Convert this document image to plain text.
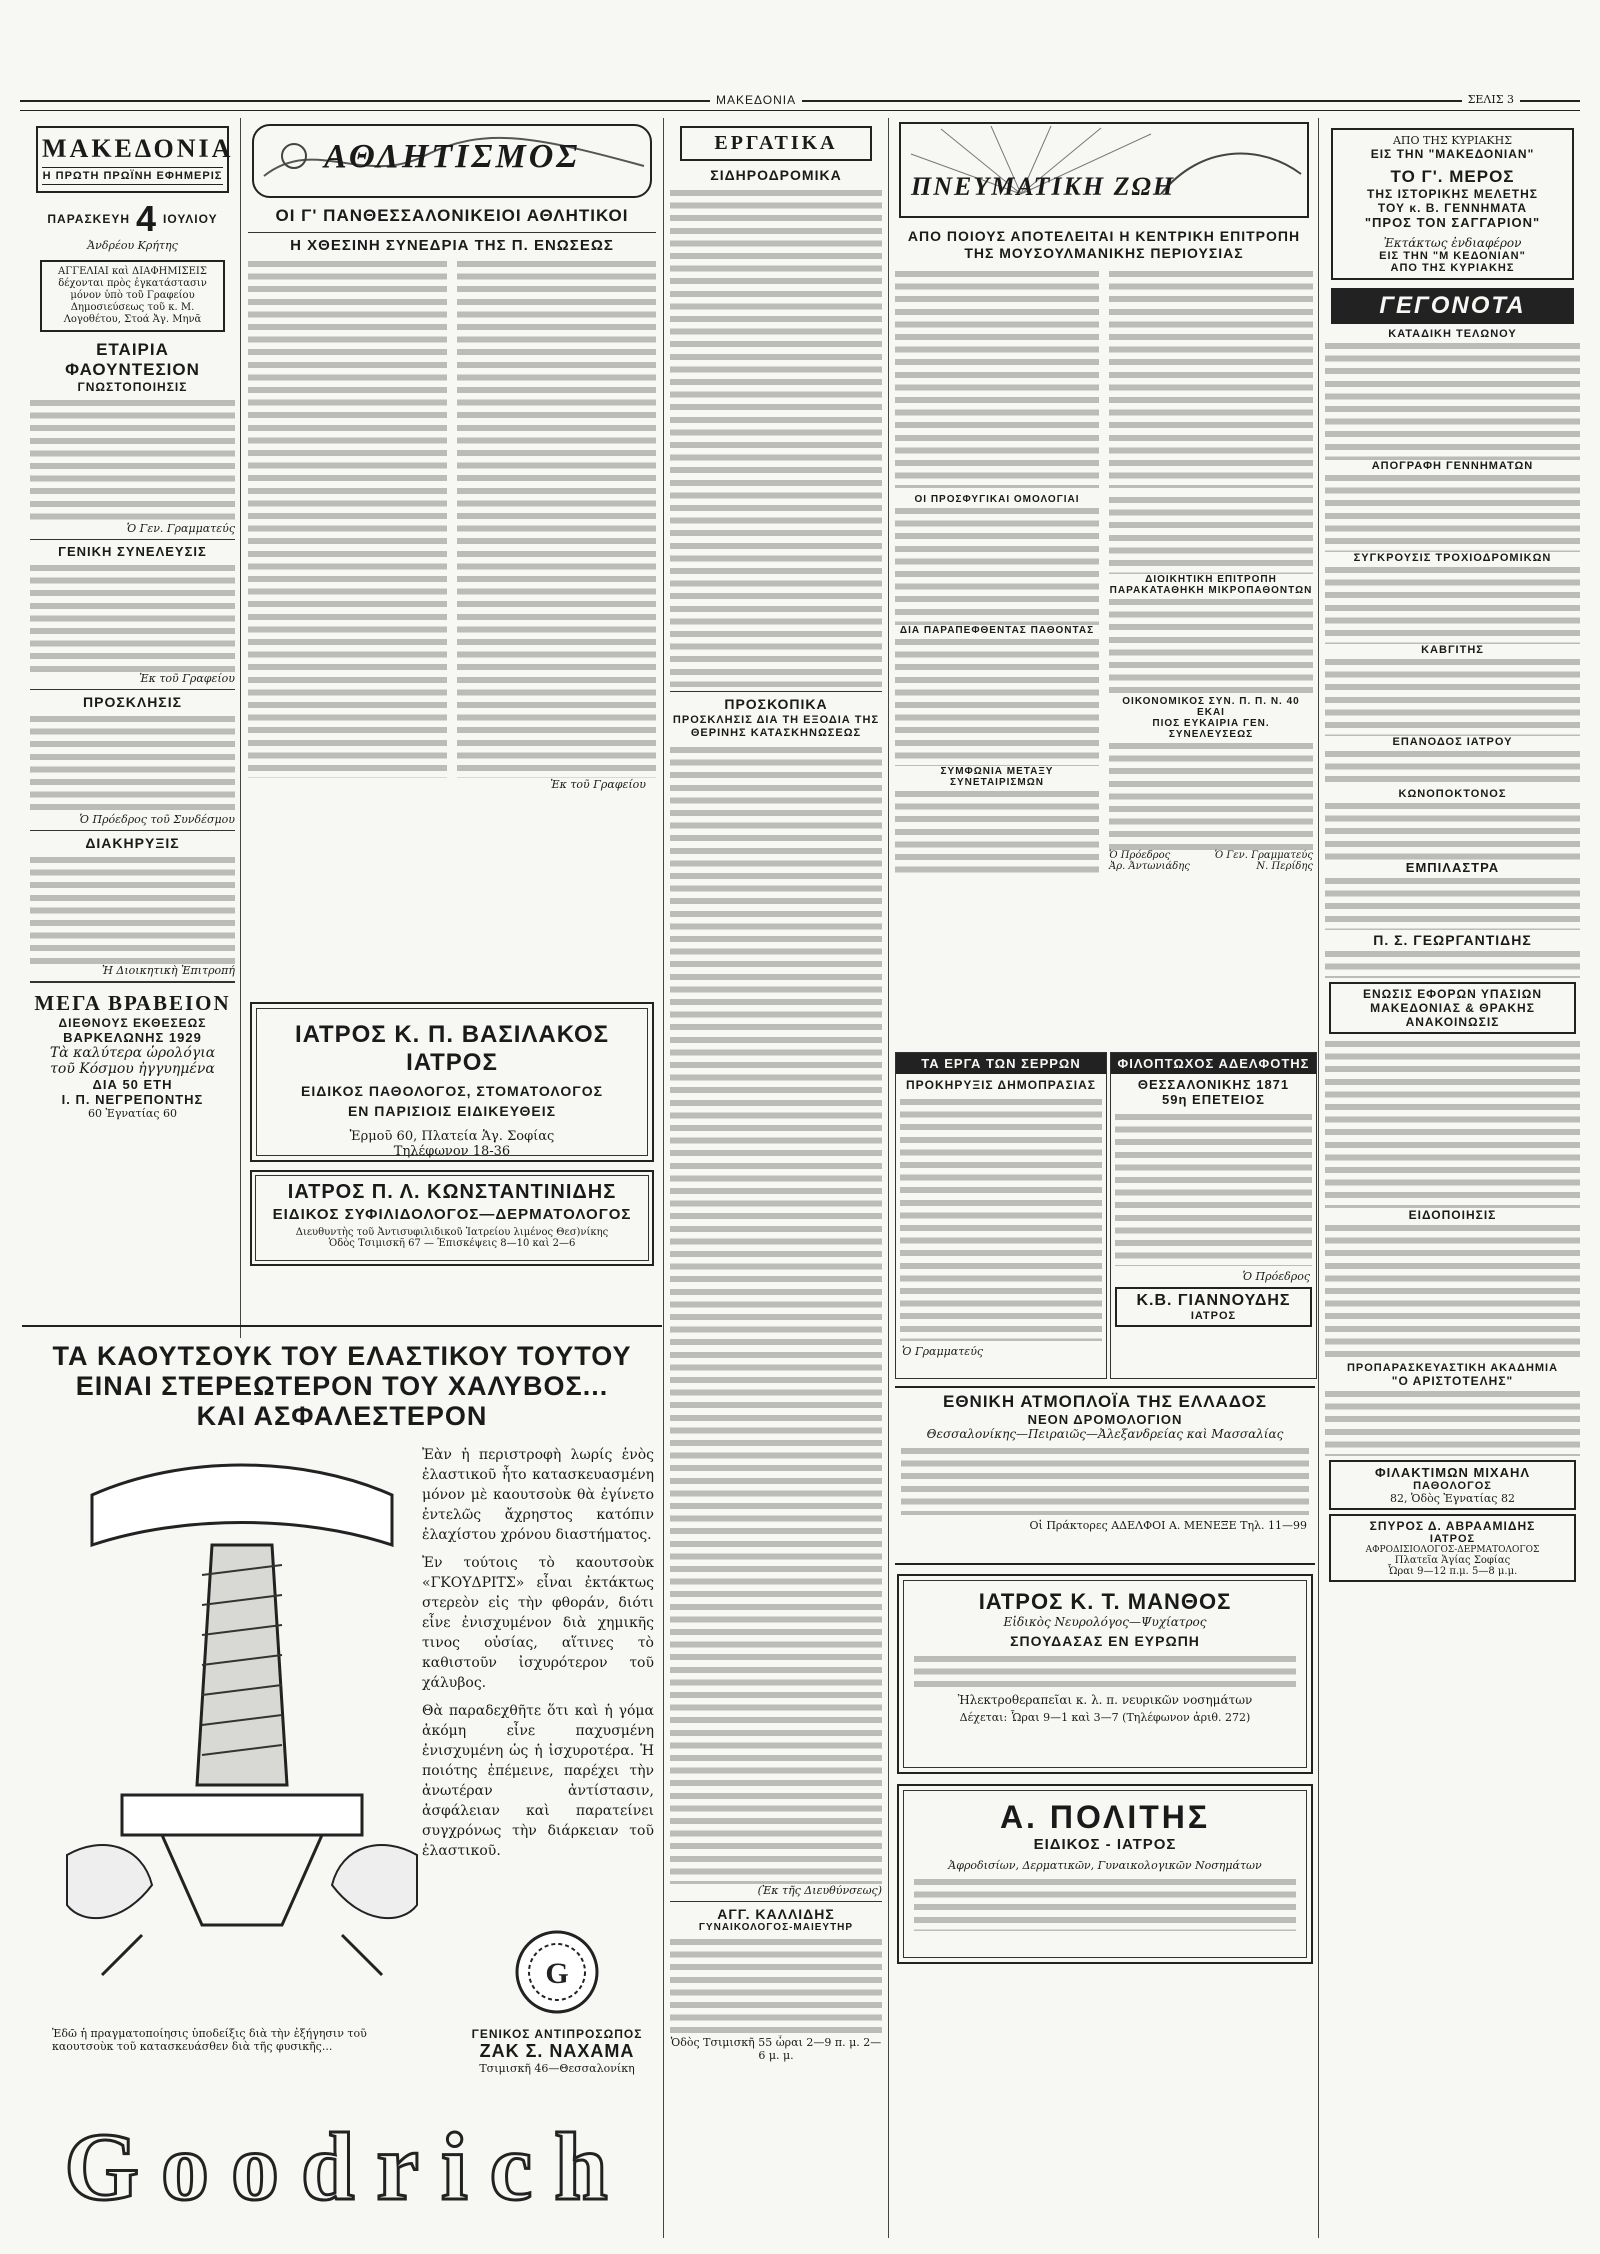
ΜΑΚΕΔΟΝΙΑ	ΣΕΛΙΣ 3
ΜΑΚΕΔΟΝΙΑ
Η ΠΡΩΤΗ ΠΡΩΪΝΗ ΕΦΗΜΕΡΙΣ
ΠΑΡΑΣΚΕΥΗ 4 ΙΟΥΛΙΟΥ
Ἀνδρέου Κρήτης
ΑΓΓΕΛΙΑΙ καὶ ΔΙΑΦΗΜΙΣΕΙΣ δέχονται πρὸς ἐγκατάστασιν μόνον ὑπὸ τοῦ Γραφείου Δημοσιεύσεως τοῦ κ. Μ. Λογοθέτου, Στοά Ἀγ. Μηνᾶ
ΕΤΑΙΡΙΑ ΦΑΟΥΝΤΕΣΙΟΝ
ΓΝΩΣΤΟΠΟΙΗΣΙΣ
Ὁ Γεν. Γραμματεύς
ΓΕΝΙΚΗ ΣΥΝΕΛΕΥΣΙΣ
Ἐκ τοῦ Γραφείου
ΠΡΟΣΚΛΗΣΙΣ
Ὁ Πρόεδρος τοῦ Συνδέσμου
ΔΙΑΚΗΡΥΞΙΣ
Ἡ Διοικητικὴ Ἐπιτροπή
ΜΕΓΑ ΒΡΑΒΕΙΟΝ
ΔΙΕΘΝΟΥΣ ΕΚΘΕΣΕΩΣ
ΒΑΡΚΕΛΩΝΗΣ 1929
Τὰ καλύτερα ὡρολόγια
τοῦ Κόσμου ἠγγυημένα
ΔΙΑ 50 ΕΤΗ
Ι. Π. ΝΕΓΡΕΠΟΝΤΗΣ
60 Ἐγνατίας 60
ΑΘΛΗΤΙΣΜΟΣ
ΟΙ Γ' ΠΑΝΘΕΣΣΑΛΟΝΙΚΕΙΟΙ ΑΘΛΗΤΙΚΟΙ
Η ΧΘΕΣΙΝΗ ΣΥΝΕΔΡΙΑ ΤΗΣ Π. ΕΝΩΣΕΩΣ
Ἐκ τοῦ Γραφείου
ΙΑΤΡΟΣ Κ. Π. ΒΑΣΙΛΑΚΟΣ ΙΑΤΡΟΣ
ΕΙΔΙΚΟΣ ΠΑΘΟΛΟΓΟΣ, ΣΤΟΜΑΤΟΛΟΓΟΣ
ΕΝ ΠΑΡΙΣΙΟΙΣ ΕΙΔΙΚΕΥΘΕΙΣ
Ἑρμοῦ 60, Πλατεία Ἁγ. Σοφίας
Τηλέφωνον 18-36
ΙΑΤΡΟΣ Π. Λ. ΚΩΝΣΤΑΝΤΙΝΙΔΗΣ
ΕΙΔΙΚΟΣ ΣΥΦΙΛΙΔΟΛΟΓΟΣ—ΔΕΡΜΑΤΟΛΟΓΟΣ
Διευθυντὴς τοῦ Ἀντισυφιλιδικοῦ Ἰατρείου λιμένος Θεσ)νίκης
Ὁδὸς Τσιμισκῆ 67 — Ἐπισκέψεις 8—10 καὶ 2—6
ΕΡΓΑΤΙΚΑ
ΣΙΔΗΡΟΔΡΟΜΙΚΑ
ΠΡΟΣΚΟΠΙΚΑ
ΠΡΟΣΚΛΗΣΙΣ ΔΙΑ ΤΗ ΕΞΟΔΙΑ ΤΗΣ ΘΕΡΙΝΗΣ ΚΑΤΑΣΚΗΝΩΣΕΩΣ
(Ἐκ τῆς Διευθύνσεως)
ΑΓΓ. ΚΑΛΛΙΔΗΣ
ΓΥΝΑΙΚΟΛΟΓΟΣ-ΜΑΙΕΥΤΗΡ
Ὁδὸς Τσιμισκῆ 55 ὧραι 2—9 π. μ. 2—6 μ. μ.
ΠΝΕΥΜΑΤΙΚΗ ΖΩΗ
ΑΠΟ ΠΟΙΟΥΣ ΑΠΟΤΕΛΕΙΤΑΙ Η ΚΕΝΤΡΙΚΗ ΕΠΙΤΡΟΠΗ ΤΗΣ ΜΟΥΣΟΥΛΜΑΝΙΚΗΣ ΠΕΡΙΟΥΣΙΑΣ
ΟΙ ΠΡΟΣΦΥΓΙΚΑΙ ΟΜΟΛΟΓΙΑΙ
ΔΙΑ ΠΑΡΑΠΕΦΘΕΝΤΑΣ ΠΑΘΟΝΤΑΣ
ΣΥΜΦΩΝΙΑ ΜΕΤΑΞΥ ΣΥΝΕΤΑΙΡΙΣΜΩΝ
ΔΙΟΙΚΗΤΙΚΗ ΕΠΙΤΡΟΠΗ
ΠΑΡΑΚΑΤΑΘΗΚΗ ΜΙΚΡΟΠΑΘΟΝΤΩΝ
ΟΙΚΟΝΟΜΙΚΟΣ ΣΥΝ. Π. Π. Ν. 40 ΕΚΑΙ
ΠΙΟΣ ΕΥΚΑΙΡΙΑ ΓΕΝ. ΣΥΝΕΛΕΥΣΕΩΣ
Ὁ Πρόεδρος
Ἀρ. Ἀντωνιάδης
Ὁ Γεν. Γραμματεύς
Ν. Περίδης
ΤΑ ΕΡΓΑ ΤΩΝ ΣΕΡΡΩΝ
ΠΡΟΚΗΡΥΞΙΣ ΔΗΜΟΠΡΑΣΙΑΣ
Ὁ Γραμματεύς
ΦΙΛΟΠΤΩΧΟΣ ΑΔΕΛΦΟΤΗΣ
ΘΕΣΣΑΛΟΝΙΚΗΣ 1871
59η ΕΠΕΤΕΙΟΣ
Ὁ Πρόεδρος
Κ.Β. ΓΙΑΝΝΟΥΔΗΣ
ΙΑΤΡΟΣ
ΕΘΝΙΚΗ ΑΤΜΟΠΛΟΪΑ ΤΗΣ ΕΛΛΑΔΟΣ
ΝΕΟΝ ΔΡΟΜΟΛΟΓΙΟΝ
Θεσσαλονίκης—Πειραιῶς—Ἀλεξανδρείας καὶ Μασσαλίας
Οἱ Πράκτορες ΑΔΕΛΦΟΙ Α. ΜΕΝΕΞΕ Τηλ. 11—99
ΙΑΤΡΟΣ Κ. Τ. ΜΑΝΘΟΣ
Εἰδικὸς Νευρολόγος—Ψυχίατρος
ΣΠΟΥΔΑΣΑΣ ΕΝ ΕΥΡΩΠΗ
Ἠλεκτροθεραπεῖαι κ. λ. π. νευρικῶν νοσημάτων
Δέχεται: Ὧραι 9—1 καὶ 3—7 (Τηλέφωνον ἀριθ. 272)
Α. ΠΟΛΙΤΗΣ
ΕΙΔΙΚΟΣ - ΙΑΤΡΟΣ
Ἀφροδισίων, Δερματικῶν, Γυναικολογικῶν Νοσημάτων
ΑΠΟ ΤΗΣ ΚΥΡΙΑΚΗΣ
ΕΙΣ ΤΗΝ "ΜΑΚΕΔΟΝΙΑΝ"
ΤΟ Γ'. ΜΕΡΟΣ
ΤΗΣ ΙΣΤΟΡΙΚΗΣ ΜΕΛΕΤΗΣ
ΤΟΥ κ. Β. ΓΕΝΝΗΜΑΤΑ
"ΠΡΟΣ ΤΟΝ ΣΑΓΓΑΡΙΟΝ"
Ἐκτάκτως ἐνδιαφέρον
ΕΙΣ ΤΗΝ "Μ ΚΕΔΟΝΙΑΝ"
ΑΠΟ ΤΗΣ ΚΥΡΙΑΚΗΣ
ΓΕΓΟΝΟΤΑ
ΚΑΤΑΔΙΚΗ ΤΕΛΩΝΟΥ
ΑΠΟΓΡΑΦΗ ΓΕΝΝΗΜΑΤΩΝ
ΣΥΓΚΡΟΥΣΙΣ ΤΡΟΧΙΟΔΡΟΜΙΚΩΝ
ΚΑΒΓΙΤΗΣ
ΕΠΑΝΟΔΟΣ ΙΑΤΡΟΥ
ΚΩΝΟΠΟΚΤΟΝΟΣ
ΕΜΠΙΛΑΣΤΡΑ
Π. Σ. ΓΕΩΡΓΑΝΤΙΔΗΣ
ΕΝΩΣΙΣ ΕΦΟΡΩΝ ΥΠΑΣΙΩΝ
ΜΑΚΕΔΟΝΙΑΣ & ΘΡΑΚΗΣ
ΑΝΑΚΟΙΝΩΣΙΣ
ΕΙΔΟΠΟΙΗΣΙΣ
ΠΡΟΠΑΡΑΣΚΕΥΑΣΤΙΚΗ ΑΚΑΔΗΜΙΑ
"Ο ΑΡΙΣΤΟΤΕΛΗΣ"
ΦΙΛΑΚΤΙΜΩΝ ΜΙΧΑΗΛ
ΠΑΘΟΛΟΓΟΣ
82, Ὁδὸς Ἐγνατίας 82
ΣΠΥΡΟΣ Δ. ΑΒΡΑΑΜΙΔΗΣ
ΙΑΤΡΟΣ
ΑΦΡΟΔΙΣΙΟΛΟΓΟΣ-ΔΕΡΜΑΤΟΛΟΓΟΣ
Πλατεῖα Ἁγίας Σοφίας
Ὧραι 9—12 π.μ. 5—8 μ.μ.
ΤΑ ΚΑΟΥΤΣΟΥΚ ΤΟΥ ΕΛΑΣΤΙΚΟΥ ΤΟΥΤΟΥ
ΕΙΝΑΙ ΣΤΕΡΕΩΤΕΡΟΝ ΤΟΥ ΧΑΛΥΒΟΣ...
ΚΑΙ ΑΣΦΑΛΕΣΤΕΡΟΝ

Ἐὰν ἡ περιστροφὴ λωρίς ἑνὸς ἐλαστικοῦ ἦτο κατασκευασμένη μόνον μὲ καουτσοὺκ θὰ ἐγίνετο ἐντελῶς ἄχρηστος κατόπιν ἐλαχίστου χρόνου διαστήματος.

Ἐν τούτοις τὸ καουτσοὺκ «ΓΚΟΥΔΡΙΤΣ» εἶναι ἐκτάκτως στερεὸν εἰς τὴν φθοράν, διότι εἶνε ἐνισχυμένον διὰ χημικῆς τινος οὐσίας, αἵτινες τὸ καθιστοῦν ἰσχυρότερον τοῦ χάλυβος.

Θὰ παραδεχθῆτε ὅτι καὶ ἡ γόμα ἀκόμη εἶνε παχυσμένη ἐνισχυμένη ὡς ἡ ἰσχυροτέρα. Ἡ ποιότης ἐπέμεινε, παρέχει τὴν ἀνωτέραν ἀντίστασιν, ἀσφάλειαν καὶ παρατείνει συγχρόνως τὴν διάρκειαν τοῦ ἐλαστικοῦ.

Ἐδῶ ἡ πραγματοποίησις ὑποδείξις διὰ τὴν ἐξήγησιν τοῦ καουτσοὺκ τοῦ κατασκευάσθεν διὰ τῆς φυσικῆς...
G
ΓΕΝΙΚΟΣ ΑΝΤΙΠΡΟΣΩΠΟΣ
ΖΑΚ Σ. ΝΑΧΑΜΑ
Τσιμισκῆ 46—Θεσσαλονίκη
Goodrich
